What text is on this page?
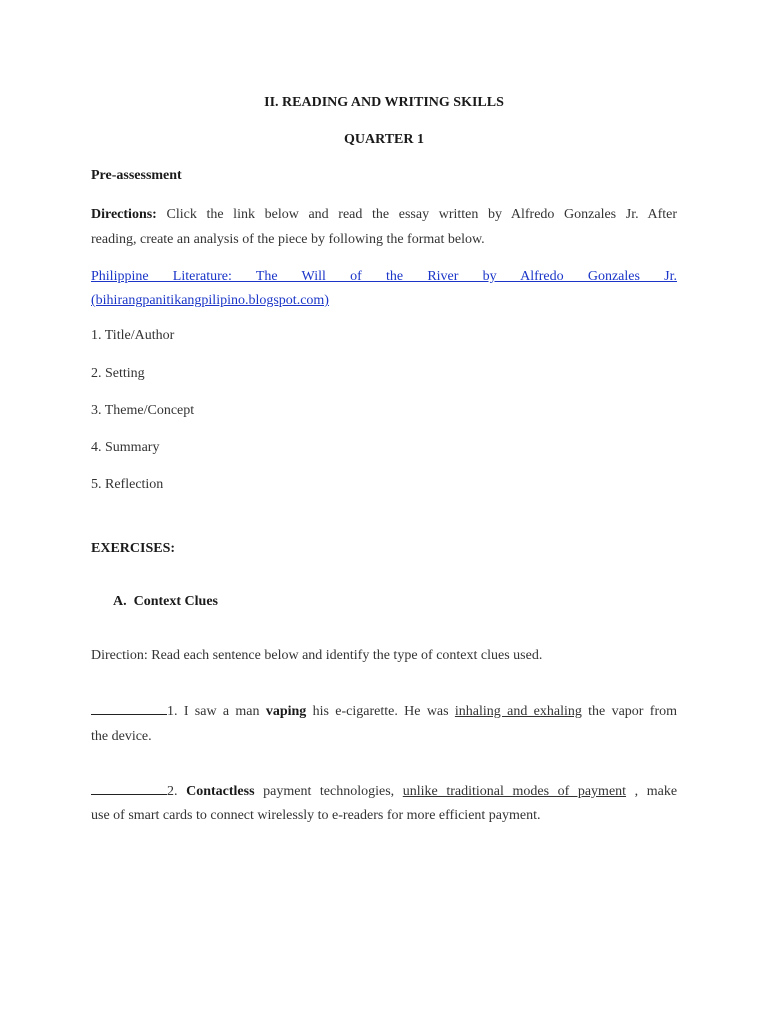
II. READING AND WRITING SKILLS

QUARTER 1

Pre-assessment

Directions: Click the link below and read the essay written by Alfredo Gonzales Jr. After

reading, create an analysis of the piece by following the format below.

Philippine Literature: The Will of the River by Alfredo Gonzales Jr.

(bihirangpanitikangpilipino.blogspot.com)

1. Title/Author

2. Setting

3. Theme/Concept

4. Summary

5. Reflection

EXERCISES:

A. Context Clues

Direction: Read each sentence below and identify the type of context clues used.

1. I saw a man vaping his e-cigarette. He was inhaling and exhaling the vapor from

the device.

2. Contactless payment technologies, unlike traditional modes of payment , make

use of smart cards to connect wirelessly to e-readers for more efficient payment.
